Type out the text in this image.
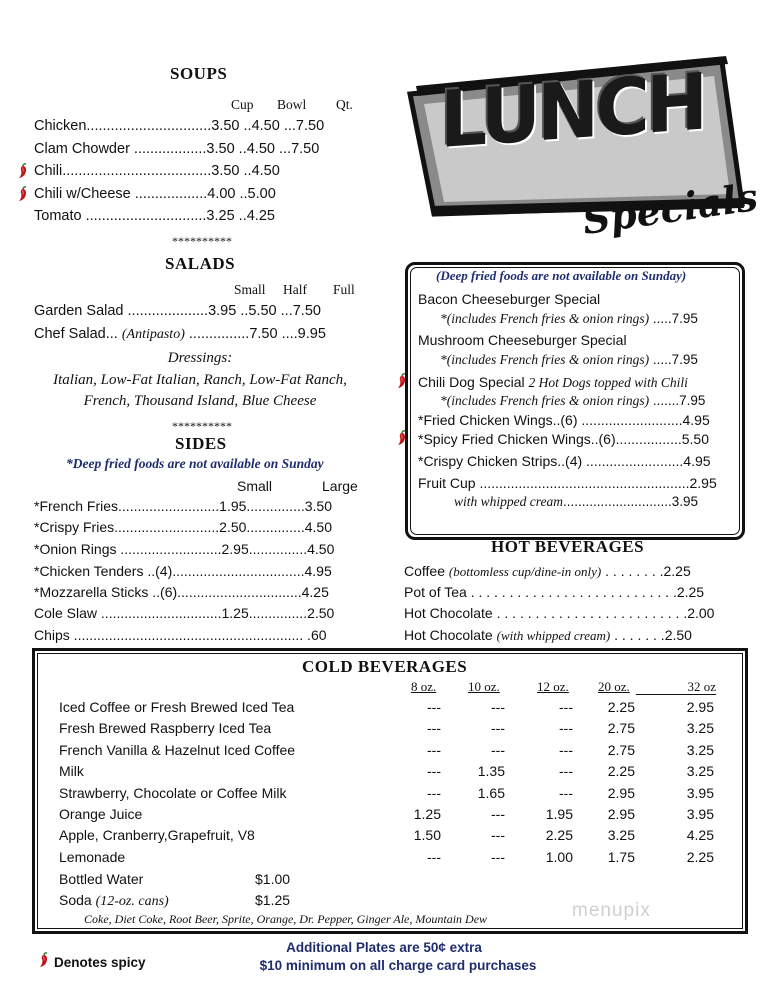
SOUPS
Cup Bowl Qt.
Chicken...............................3.50 ..4.50 ...7.50
Clam Chowder ..................3.50 ..4.50 ...7.50
Chili.....................................3.50 ..4.50
Chili w/Cheese ..................4.00 ..5.00
Tomato ..............................3.25 ..4.25
**********
SALADS
Small Half Full
Garden Salad ....................3.95 ..5.50 ...7.50
Chef Salad... (Antipasto) ...............7.50 ....9.95
Dressings:
Italian, Low-Fat Italian, Ranch, Low-Fat Ranch,
French, Thousand Island, Blue Cheese
**********
SIDES
*Deep fried foods are not available on Sunday
Small	Large
*French Fries..........................1.95...............3.50
*Crispy Fries...........................2.50...............4.50
*Onion Rings ..........................2.95...............4.50
*Chicken Tenders ..(4)..................................4.95
*Mozzarella Sticks ..(6)................................4.25
Cole Slaw ...............................1.25...............2.50
Chips ........................................................... .60
LUNCH
Specials
(Deep fried foods are not available on Sunday)
Bacon Cheeseburger Special
*(includes French fries & onion rings) .....7.95
Mushroom Cheeseburger Special
*(includes French fries & onion rings) .....7.95
Chili Dog Special 2 Hot Dogs topped with Chili
*(includes French fries & onion rings) .......7.95
*Fried Chicken Wings..(6) ..........................4.95
*Spicy Fried Chicken Wings..(6).................5.50
*Crispy Chicken Strips..(4) .........................4.95
Fruit Cup ......................................................2.95
with whipped cream.............................3.95
HOT BEVERAGES
Coffee (bottomless cup/dine-in only) . . . . . . . .2.25
Pot of Tea . . . . . . . . . . . . . . . . . . . . . . . . . . .2.25
Hot Chocolate . . . . . . . . . . . . . . . . . . . . . . . . .2.00
Hot Chocolate (with whipped cream) . . . . . . .2.50
COLD BEVERAGES
8 oz. 10 oz.	12 oz. 20 oz.	32 oz
Iced Coffee or Fresh Brewed Iced Tea	---	---	---	2.25	2.95
Fresh Brewed Raspberry Iced Tea	---	---	---	2.75	3.25
French Vanilla & Hazelnut Iced Coffee	---	---	---	2.75	3.25
Milk	---	1.35	---	2.25	3.25
Strawberry, Chocolate or Coffee Milk	---	1.65	---	2.95	3.95
Orange Juice	1.25	---	1.95	2.95	3.95
Apple, Cranberry,Grapefruit, V8	1.50	---	2.25	3.25	4.25
Lemonade	---	---	1.00	1.75	2.25
Bottled Water	$1.00
Soda (12-oz. cans)	$1.25
Coke, Diet Coke, Root Beer, Sprite, Orange, Dr. Pepper, Ginger Ale, Mountain Dew	menupix
Denotes spicy
Additional Plates are 50¢ extra
$10 minimum on all charge card purchases
